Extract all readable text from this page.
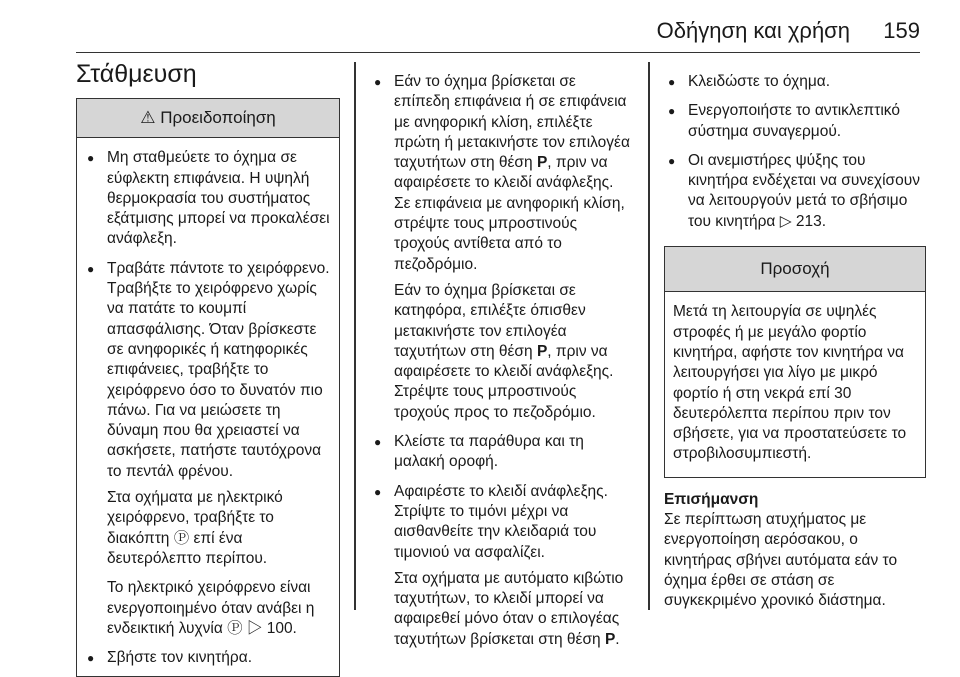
Οδήγηση και χρήση 159
Στάθμευση
⚠ Προειδοποίηση
● Μη σταθμεύετε το όχημα σε εύφλεκτη επιφάνεια. Η υψηλή θερμοκρασία του συστήματος εξάτμισης μπορεί να προκαλέσει ανάφλεξη.
● Τραβάτε πάντοτε το χειρόφρενο. Τραβήξτε το χειρόφρενο χωρίς να πατάτε το κουμπί απασφάλισης. Όταν βρίσκεστε σε ανηφορικές ή κατηφορικές επιφάνειες, τραβήξτε το χειρόφρενο όσο το δυνατόν πιο πάνω. Για να μειώσετε τη δύναμη που θα χρειαστεί να ασκήσετε, πατήστε ταυτόχρονα το πεντάλ φρένου.

Στα οχήματα με ηλεκτρικό χειρόφρενο, τραβήξτε το διακόπτη Ⓟ επί ένα δευτερόλεπτο περίπου.

Το ηλεκτρικό χειρόφρενο είναι ενεργοποιημένο όταν ανάβει η ενδεικτική λυχνία Ⓟ ▷ 100.

● Σβήστε τον κινητήρα.
● Εάν το όχημα βρίσκεται σε επίπεδη επιφάνεια ή σε επιφάνεια με ανηφορική κλίση, επιλέξτε πρώτη ή μετακινήστε τον επιλογέα ταχυτήτων στη θέση P, πριν να αφαιρέσετε το κλειδί ανάφλεξης. Σε επιφάνεια με ανηφορική κλίση, στρέψτε τους μπροστινούς τροχούς αντίθετα από το πεζοδρόμιο.

Εάν το όχημα βρίσκεται σε κατηφόρα, επιλέξτε όπισθεν μετακινήστε τον επιλογέα ταχυτήτων στη θέση P, πριν να αφαιρέσετε το κλειδί ανάφλεξης. Στρέψτε τους μπροστινούς τροχούς προς το πεζοδρόμιο.

● Κλείστε τα παράθυρα και τη μαλακή οροφή.
● Αφαιρέστε το κλειδί ανάφλεξης. Στρίψτε το τιμόνι μέχρι να αισθανθείτε την κλειδαριά του τιμονιού να ασφαλίζει.

Στα οχήματα με αυτόματο κιβώτιο ταχυτήτων, το κλειδί μπορεί να αφαιρεθεί μόνο όταν ο επιλογέας ταχυτήτων βρίσκεται στη θέση P.

● Κλειδώστε το όχημα.
● Ενεργοποιήστε το αντικλεπτικό σύστημα συναγερμού.
● Οι ανεμιστήρες ψύξης του κινητήρα ενδέχεται να συνεχίσουν να λειτουργούν μετά το σβήσιμο του κινητήρα ▷ 213.
Προσοχή
Μετά τη λειτουργία σε υψηλές στροφές ή με μεγάλο φορτίο κινητήρα, αφήστε τον κινητήρα να λειτουργήσει για λίγο με μικρό φορτίο ή στη νεκρά επί 30 δευτερόλεπτα περίπου πριν τον σβήσετε, για να προστατεύσετε το στροβιλοσυμπιεστή.
Επισήμανση
Σε περίπτωση ατυχήματος με ενεργοποίηση αερόσακου, ο κινητήρας σβήνει αυτόματα εάν το όχημα έρθει σε στάση σε συγκεκριμένο χρονικό διάστημα.
